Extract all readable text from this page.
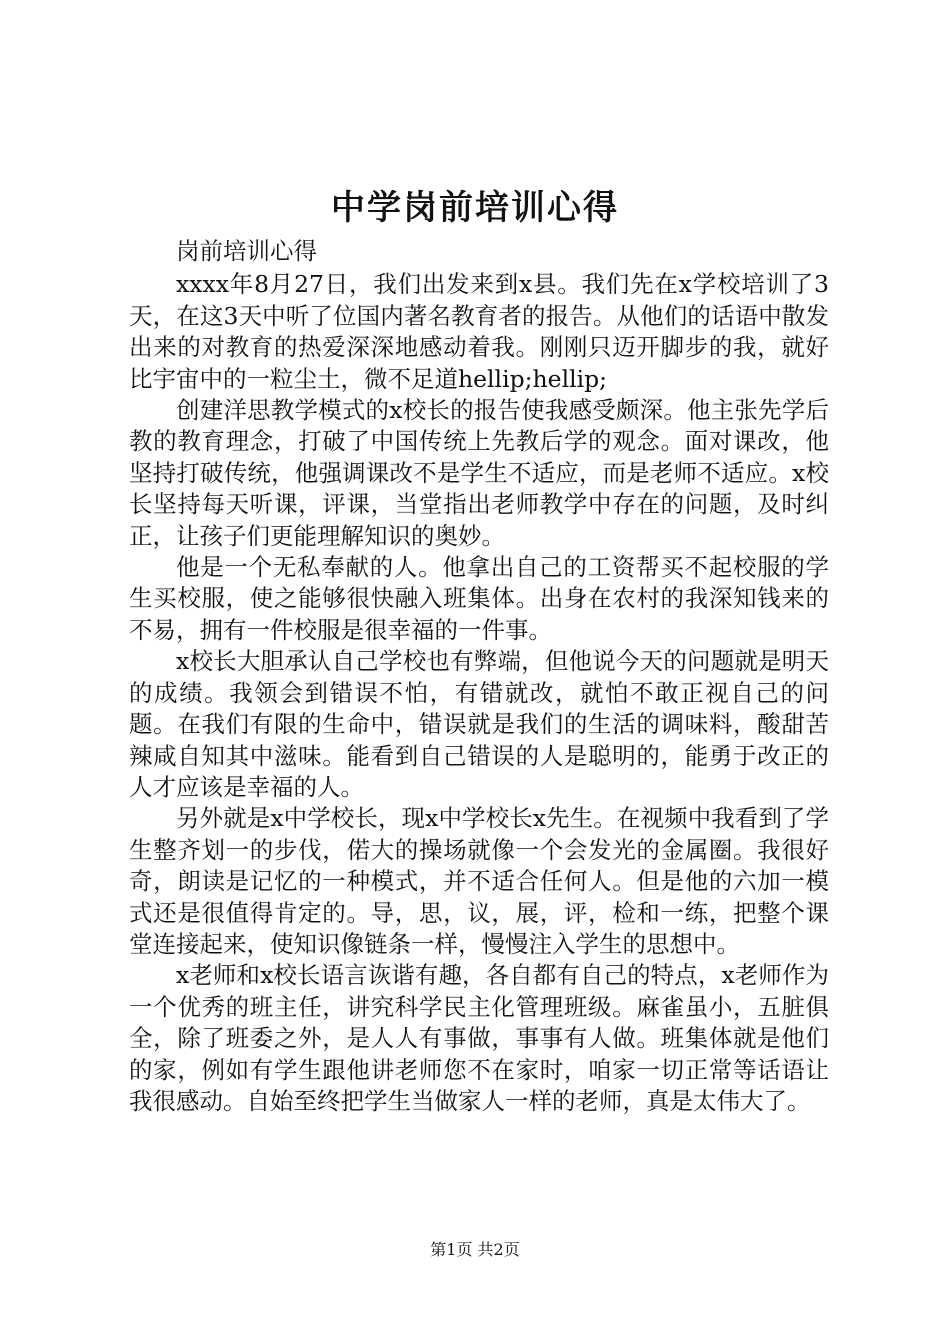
中学岗前培训心得

岗前培训心得

xxxx年8月27日，我们出发来到x县。我们先在x学校培训了3天，在这3天中听了位国内著名教育者的报告。从他们的话语中散发出来的对教育的热爱深深地感动着我。刚刚只迈开脚步的我，就好比宇宙中的一粒尘土，微不足道hellip;hellip;

创建洋思教学模式的x校长的报告使我感受颇深。他主张先学后教的教育理念，打破了中国传统上先教后学的观念。面对课改，他坚持打破传统，他强调课改不是学生不适应，而是老师不适应。x校长坚持每天听课，评课，当堂指出老师教学中存在的问题，及时纠正，让孩子们更能理解知识的奥妙。

他是一个无私奉献的人。他拿出自己的工资帮买不起校服的学生买校服，使之能够很快融入班集体。出身在农村的我深知钱来的不易，拥有一件校服是很幸福的一件事。

x校长大胆承认自己学校也有弊端，但他说今天的问题就是明天的成绩。我领会到错误不怕，有错就改，就怕不敢正视自己的问题。在我们有限的生命中，错误就是我们的生活的调味料，酸甜苦辣咸自知其中滋味。能看到自己错误的人是聪明的，能勇于改正的人才应该是幸福的人。

另外就是x中学校长，现x中学校长x先生。在视频中我看到了学生整齐划一的步伐，偌大的操场就像一个会发光的金属圈。我很好奇，朗读是记忆的一种模式，并不适合任何人。但是他的六加一模式还是很值得肯定的。导，思，议，展，评，检和一练，把整个课堂连接起来，使知识像链条一样，慢慢注入学生的思想中。

x老师和x校长语言诙谐有趣，各自都有自己的特点，x老师作为一个优秀的班主任，讲究科学民主化管理班级。麻雀虽小，五脏俱全，除了班委之外，是人人有事做，事事有人做。班集体就是他们的家，例如有学生跟他讲老师您不在家时，咱家一切正常等话语让我很感动。自始至终把学生当做家人一样的老师，真是太伟大了。

第1页 共2页
